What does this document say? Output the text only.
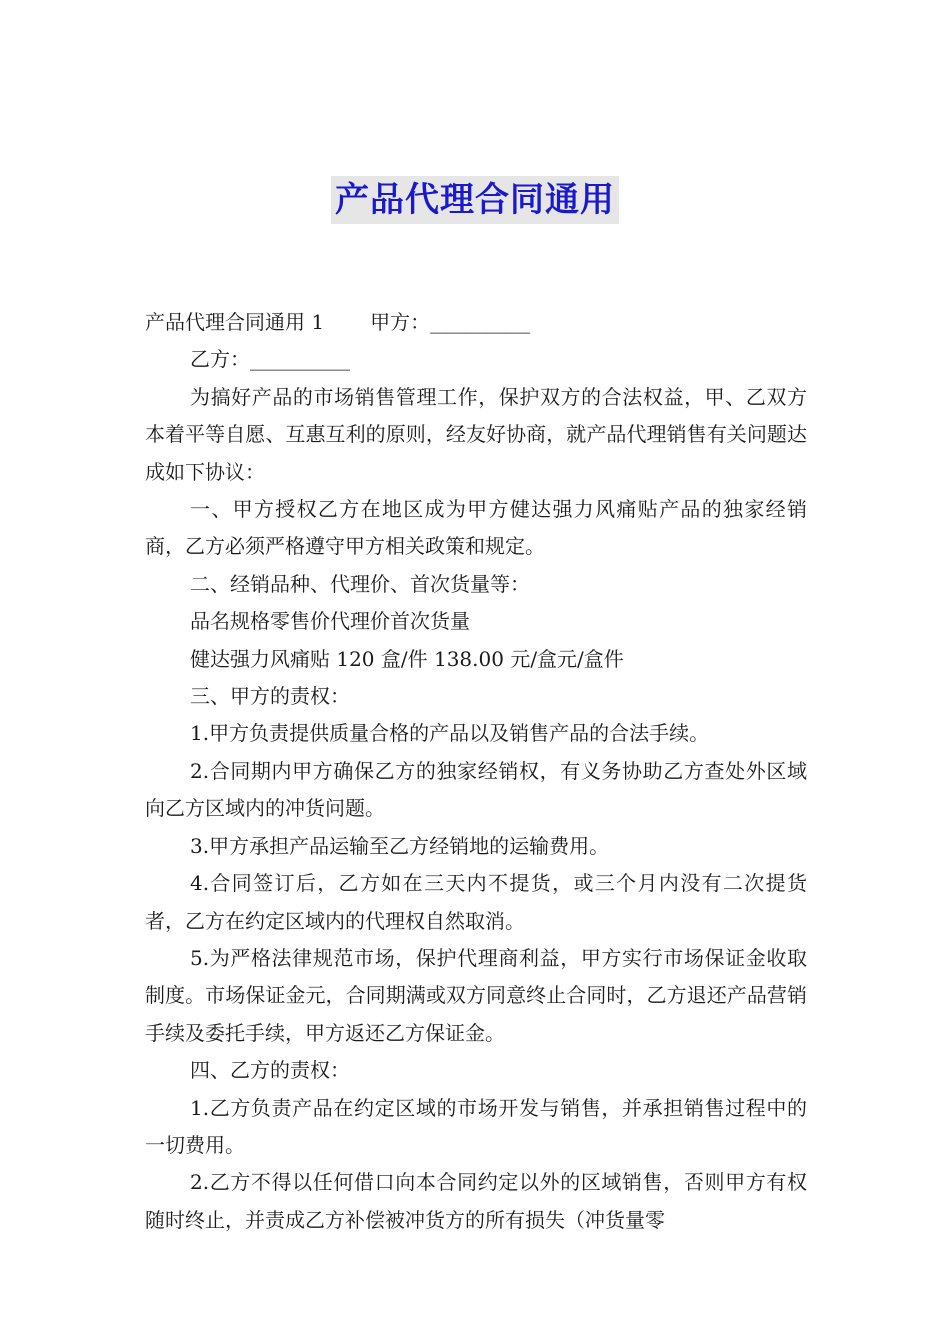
产品代理合同通用

产品代理合同通用 1 甲方：__________

乙方：__________

为搞好产品的市场销售管理工作，保护双方的合法权益，甲、乙双方本着平等自愿、互惠互利的原则，经友好协商，就产品代理销售有关问题达成如下协议：

一、甲方授权乙方在地区成为甲方健达强力风痛贴产品的独家经销商，乙方必须严格遵守甲方相关政策和规定。

二、经销品种、代理价、首次货量等：

品名规格零售价代理价首次货量

健达强力风痛贴 120 盒/件 138.00 元/盒元/盒件

三、甲方的责权：

1.甲方负责提供质量合格的产品以及销售产品的合法手续。

2.合同期内甲方确保乙方的独家经销权，有义务协助乙方查处外区域向乙方区域内的冲货问题。

3.甲方承担产品运输至乙方经销地的运输费用。

4.合同签订后，乙方如在三天内不提货，或三个月内没有二次提货者，乙方在约定区域内的代理权自然取消。

5.为严格法律规范市场，保护代理商利益，甲方实行市场保证金收取制度。市场保证金元，合同期满或双方同意终止合同时，乙方退还产品营销手续及委托手续，甲方返还乙方保证金。

四、乙方的责权：

1.乙方负责产品在约定区域的市场开发与销售，并承担销售过程中的一切费用。

2.乙方不得以任何借口向本合同约定以外的区域销售，否则甲方有权随时终止，并责成乙方补偿被冲货方的所有损失（冲货量零
